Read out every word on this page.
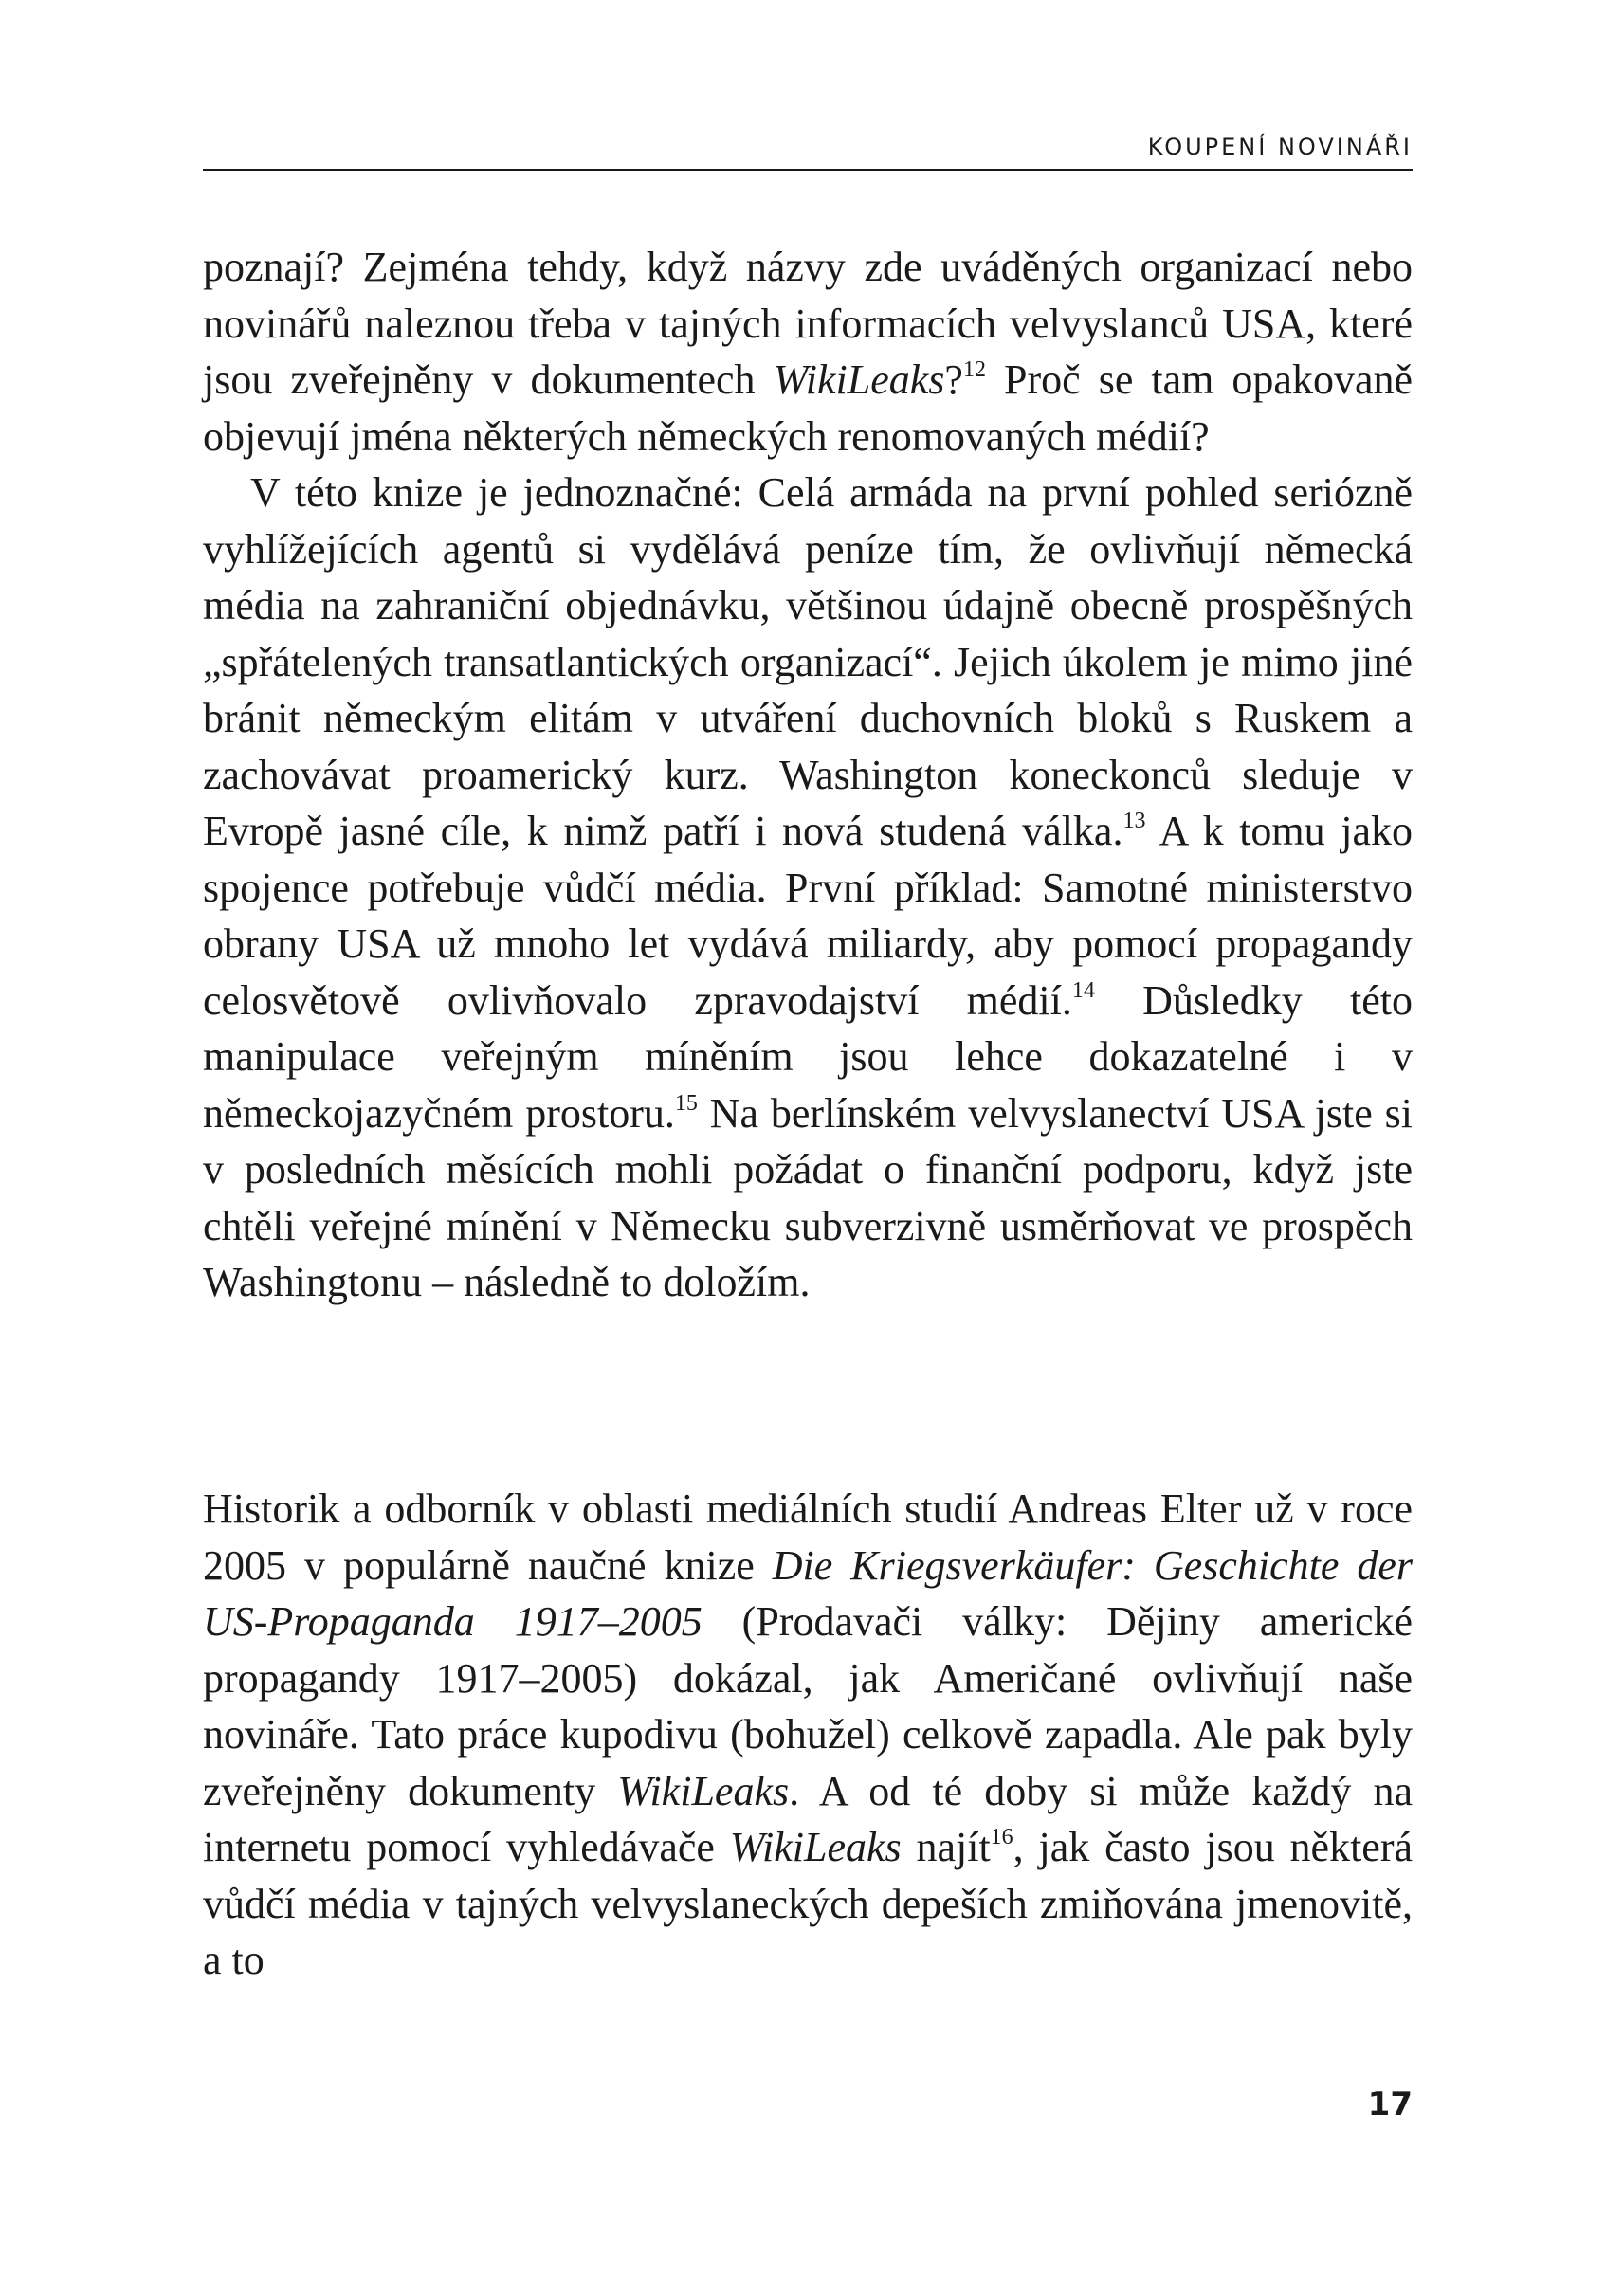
KOUPENÍ NOVINÁŘI

poznají? Zejména tehdy, když názvy zde uváděných organizací nebo novinářů naleznou třeba v tajných informacích velvyslanců USA, které jsou zveřejněny v dokumentech WikiLeaks?$^{12}$ Proč se tam opakovaně objevují jména některých německých renomovaných médií?

V této knize je jednoznačné: Celá armáda na první pohled seriózně vyhlížejících agentů si vydělává peníze tím, že ovlivňují německá média na zahraniční objednávku, většinou údajně obecně prospěšných „spřátelených transatlantických organizací“. Jejich úkolem je mimo jiné bránit německým elitám v utváření duchovních bloků s Ruskem a zachovávat proamerický kurz. Washington koneckonců sleduje v Evropě jasné cíle, k nimž patří i nová studená válka.$^{13}$ A k tomu jako spojence potřebuje vůdčí média. První příklad: Samotné ministerstvo obrany USA už mnoho let vydává miliardy, aby pomocí propagandy celosvětově ovlivňovalo zpravodajství médií.$^{14}$ Důsledky této manipulace veřejným míněním jsou lehce dokazatelné i v německojazyčném prostoru.$^{15}$ Na berlínském velvyslanectví USA jste si v posledních měsících mohli požádat o finanční podporu, když jste chtěli veřejné mínění v Německu subverzivně usměrňovat ve prospěch Washingtonu – následně to doložím.

Historik a odborník v oblasti mediálních studií Andreas Elter už v roce 2005 v populárně naučné knize Die Kriegsverkäufer: Geschichte der US-Propaganda 1917–2005 (Prodavači války: Dějiny americké propagandy 1917–2005) dokázal, jak Američané ovlivňují naše novináře. Tato práce kupodivu (bohužel) celkově zapadla. Ale pak byly zveřejněny dokumenty WikiLeaks. A od té doby si může každý na internetu pomocí vyhledávače WikiLeaks najít$^{16}$, jak často jsou některá vůdčí média v tajných velvyslaneckých depeších zmiňována jmenovitě, a to

17
